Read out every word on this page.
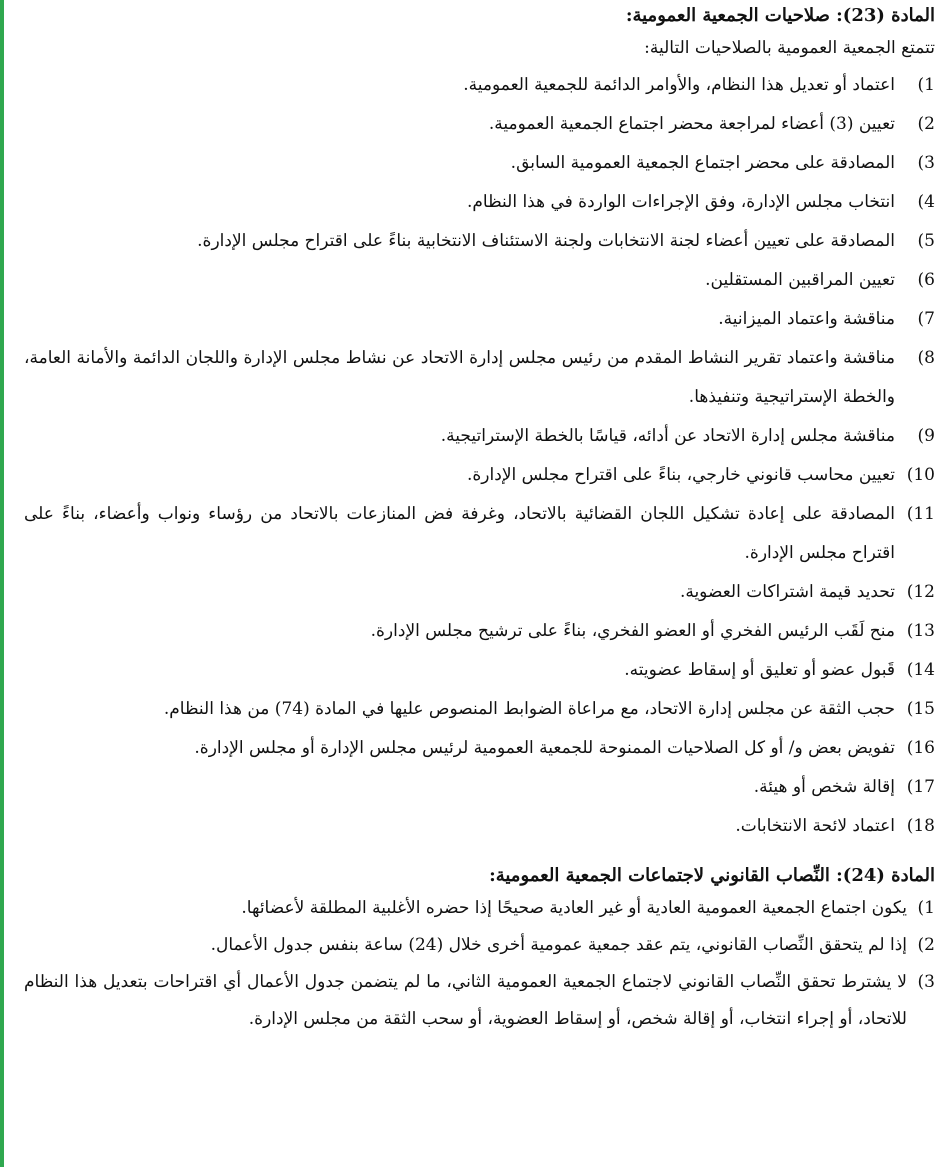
المادة (23): صلاحيات الجمعية العمومية:

تتمتع الجمعية العمومية بالصلاحيات التالية:

1)
اعتماد أو تعديل هذا النظام، والأوامر الدائمة للجمعية العمومية.
2)
تعيين (3) أعضاء لمراجعة محضر اجتماع الجمعية العمومية.
3)
المصادقة على محضر اجتماع الجمعية العمومية السابق.
4)
انتخاب مجلس الإدارة، وفق الإجراءات الواردة في هذا النظام.
5)
المصادقة على تعيين أعضاء لجنة الانتخابات ولجنة الاستئناف الانتخابية بناءً على اقتراح مجلس الإدارة.
6)
تعيين المراقبين المستقلين.
7)
مناقشة واعتماد الميزانية.
8)
مناقشة واعتماد تقرير النشاط المقدم من رئيس مجلس إدارة الاتحاد عن نشاط مجلس الإدارة واللجان الدائمة والأمانة العامة، والخطة الإستراتيجية وتنفيذها.
9)
مناقشة مجلس إدارة الاتحاد عن أدائه، قياسًا بالخطة الإستراتيجية.
10)
تعيين محاسب قانوني خارجي، بناءً على اقتراح مجلس الإدارة.
11)
المصادقة على إعادة تشكيل اللجان القضائية بالاتحاد، وغرفة فض المنازعات بالاتحاد من رؤساء ونواب وأعضاء، بناءً على اقتراح مجلس الإدارة.
12)
تحديد قيمة اشتراكات العضوية.
13)
منح لَقَب الرئيس الفخري أو العضو الفخري، بناءً على ترشيح مجلس الإدارة.
14)
قَبول عضو أو تعليق أو إسقاط عضويته.
15)
حجب الثقة عن مجلس إدارة الاتحاد، مع مراعاة الضوابط المنصوص عليها في المادة (74) من هذا النظام.
16)
تفويض بعض و/ أو كل الصلاحيات الممنوحة للجمعية العمومية لرئيس مجلس الإدارة أو مجلس الإدارة.
17)
إقالة شخص أو هيئة.
18)
اعتماد لائحة الانتخابات.
المادة (24): النِّصاب القانوني لاجتماعات الجمعية العمومية:
1)
يكون اجتماع الجمعية العمومية العادية أو غير العادية صحيحًا إذا حضره الأغلبية المطلقة لأعضائها.
2)
إذا لم يتحقق النِّصاب القانوني، يتم عقد جمعية عمومية أخرى خلال (24) ساعة بنفس جدول الأعمال.
3)
لا يشترط تحقق النِّصاب القانوني لاجتماع الجمعية العمومية الثاني، ما لم يتضمن جدول الأعمال أي اقتراحات بتعديل هذا النظام للاتحاد، أو إجراء انتخاب، أو إقالة شخص، أو إسقاط العضوية، أو سحب الثقة من مجلس الإدارة.
